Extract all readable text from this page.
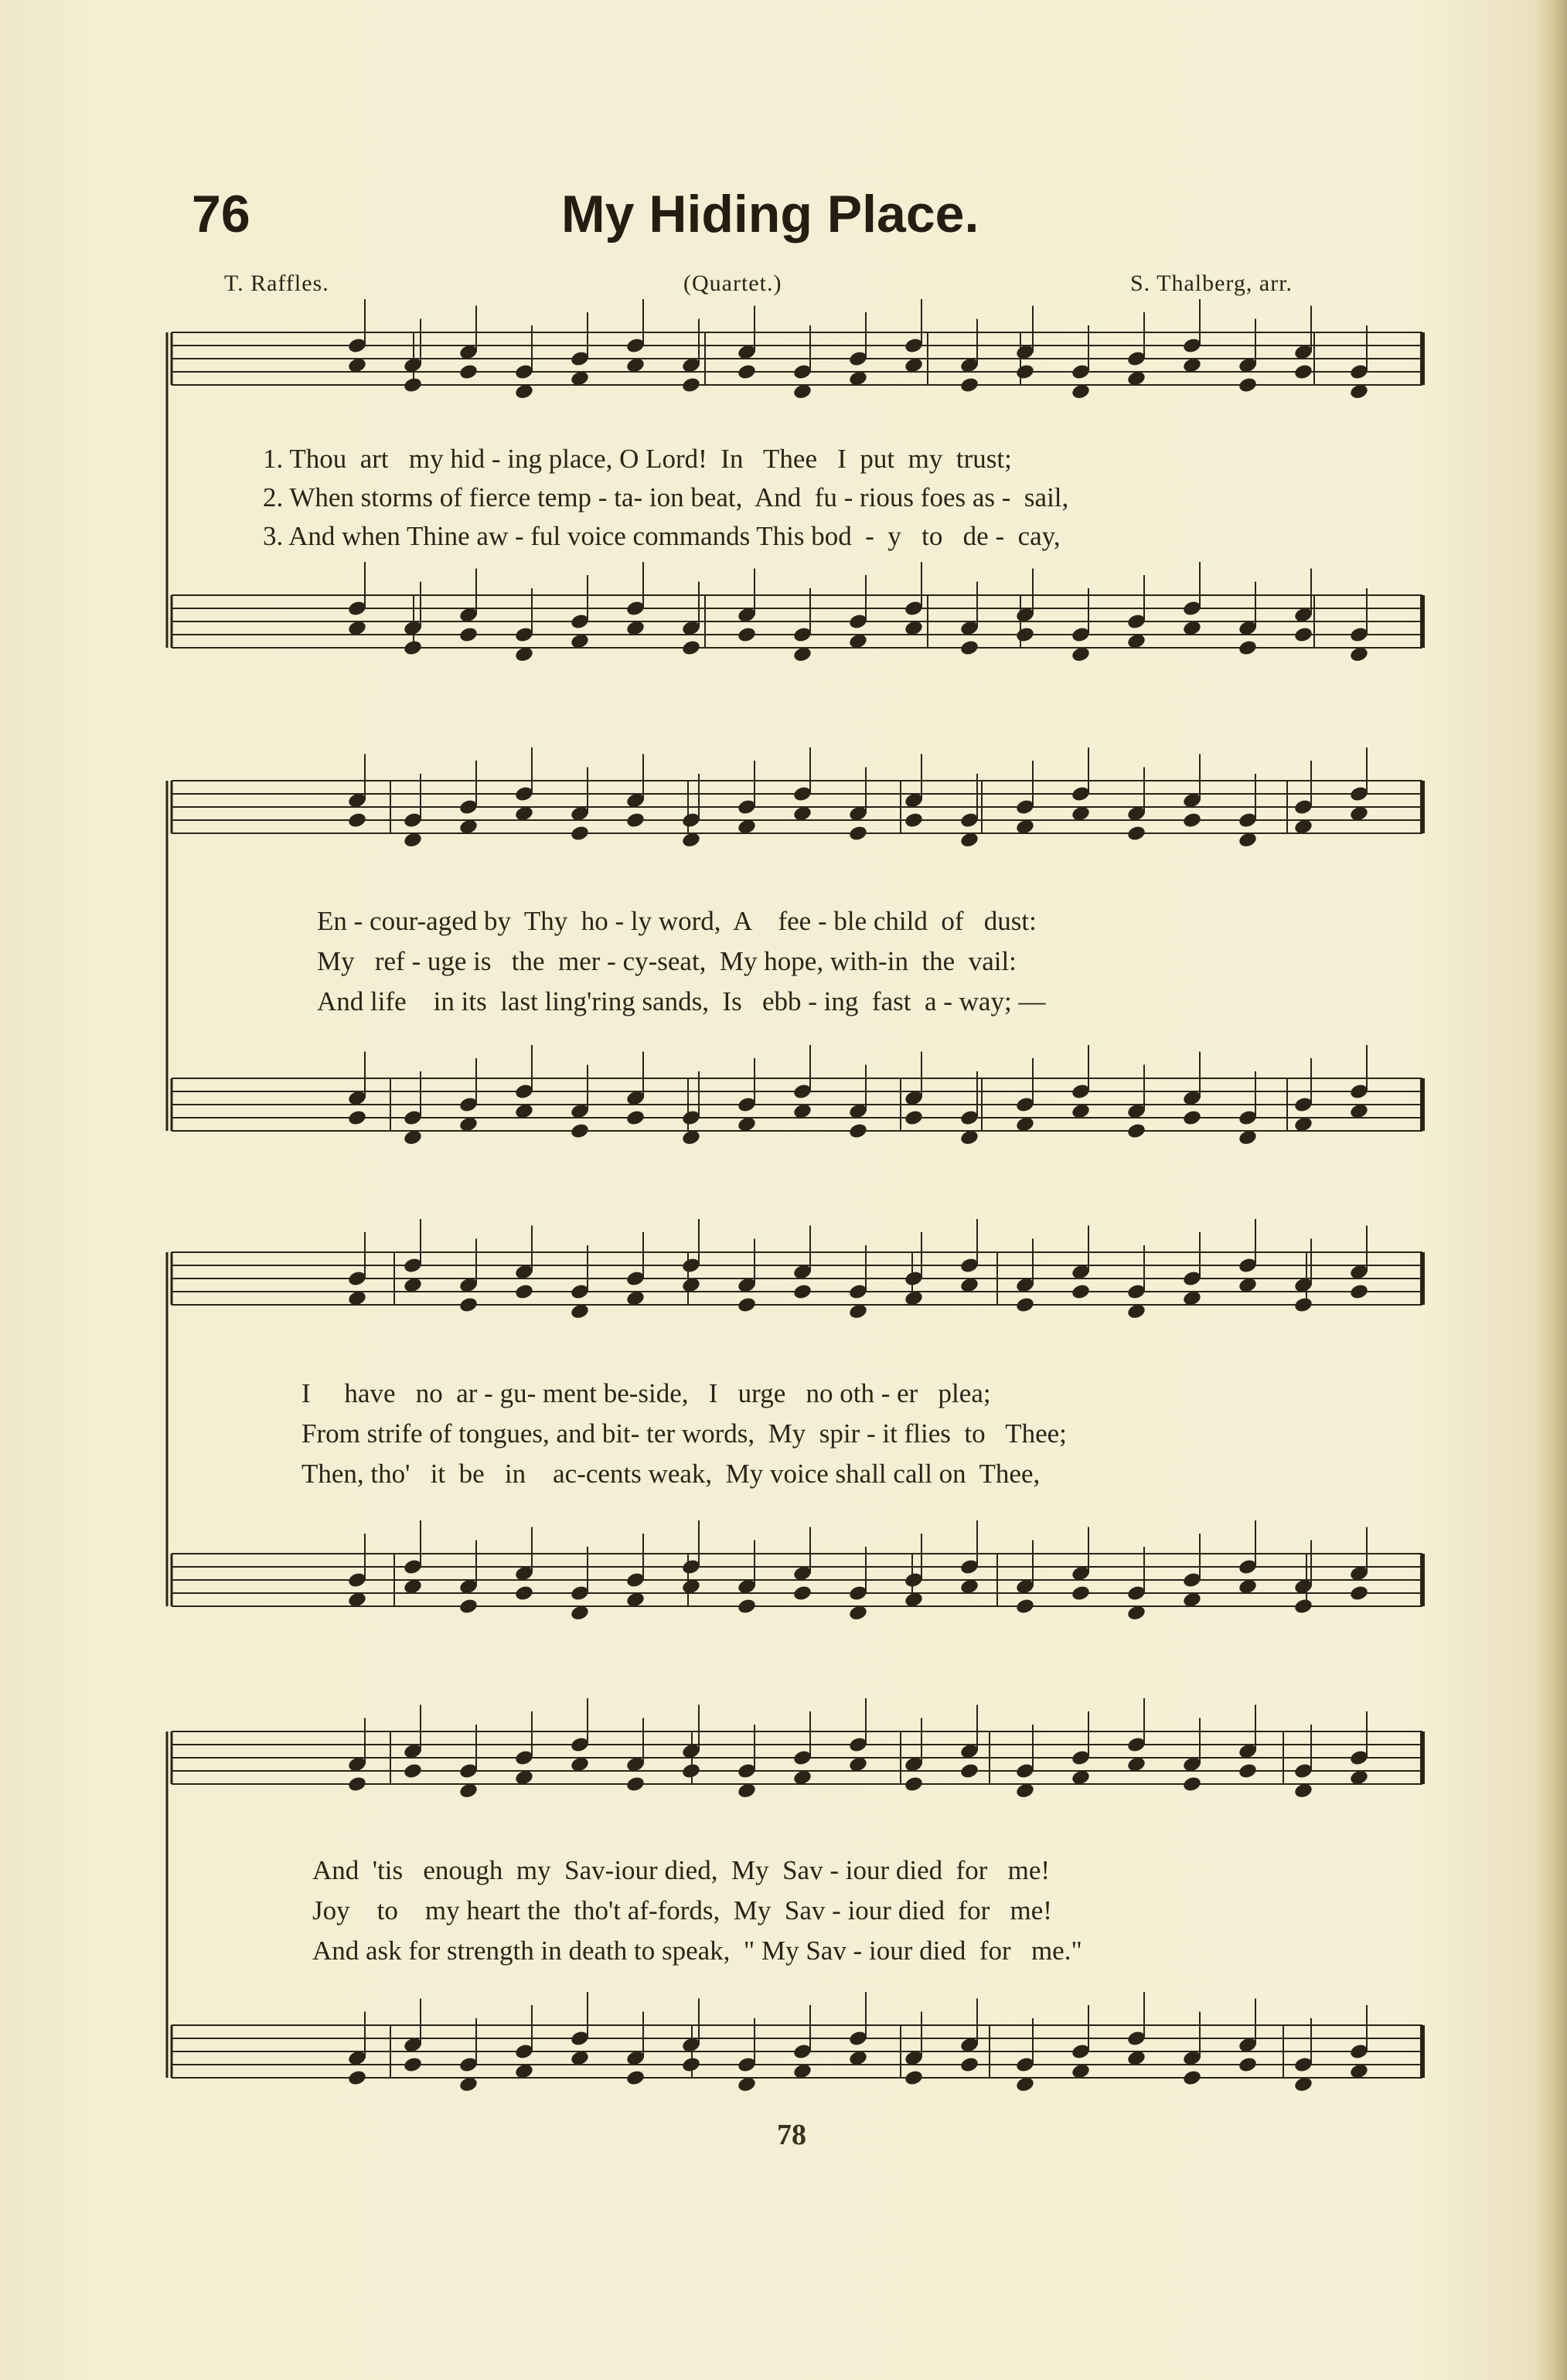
76	My Hiding Place.
T. Raffles.	(Quartet.)	S. Thalberg, arr.
1. Thou  art   my hid - ing place, O Lord!  In   Thee   I  put  my  trust;
2. When storms of fierce temp - ta- ion beat,  And  fu - rious foes as -  sail,
3. And when Thine aw - ful voice commands This bod  -  y   to   de -  cay,
En - cour-aged by  Thy  ho - ly word,  A    fee - ble child  of   dust:
My   ref - uge is   the  mer - cy-seat,  My hope, with-in  the  vail:
And life    in its  last ling'ring sands,  Is   ebb - ing  fast  a - way; —
I     have   no  ar - gu- ment be-side,   I   urge   no oth - er   plea;
From strife of tongues, and bit- ter words,  My  spir - it flies  to   Thee;
Then, tho'   it  be   in    ac-cents weak,  My voice shall call on  Thee,
And  'tis   enough  my  Sav-iour died,  My  Sav - iour died  for   me!
Joy    to    my heart the  tho't af-fords,  My  Sav - iour died  for   me!
And ask for strength in death to speak,  " My Sav - iour died  for   me."
78
